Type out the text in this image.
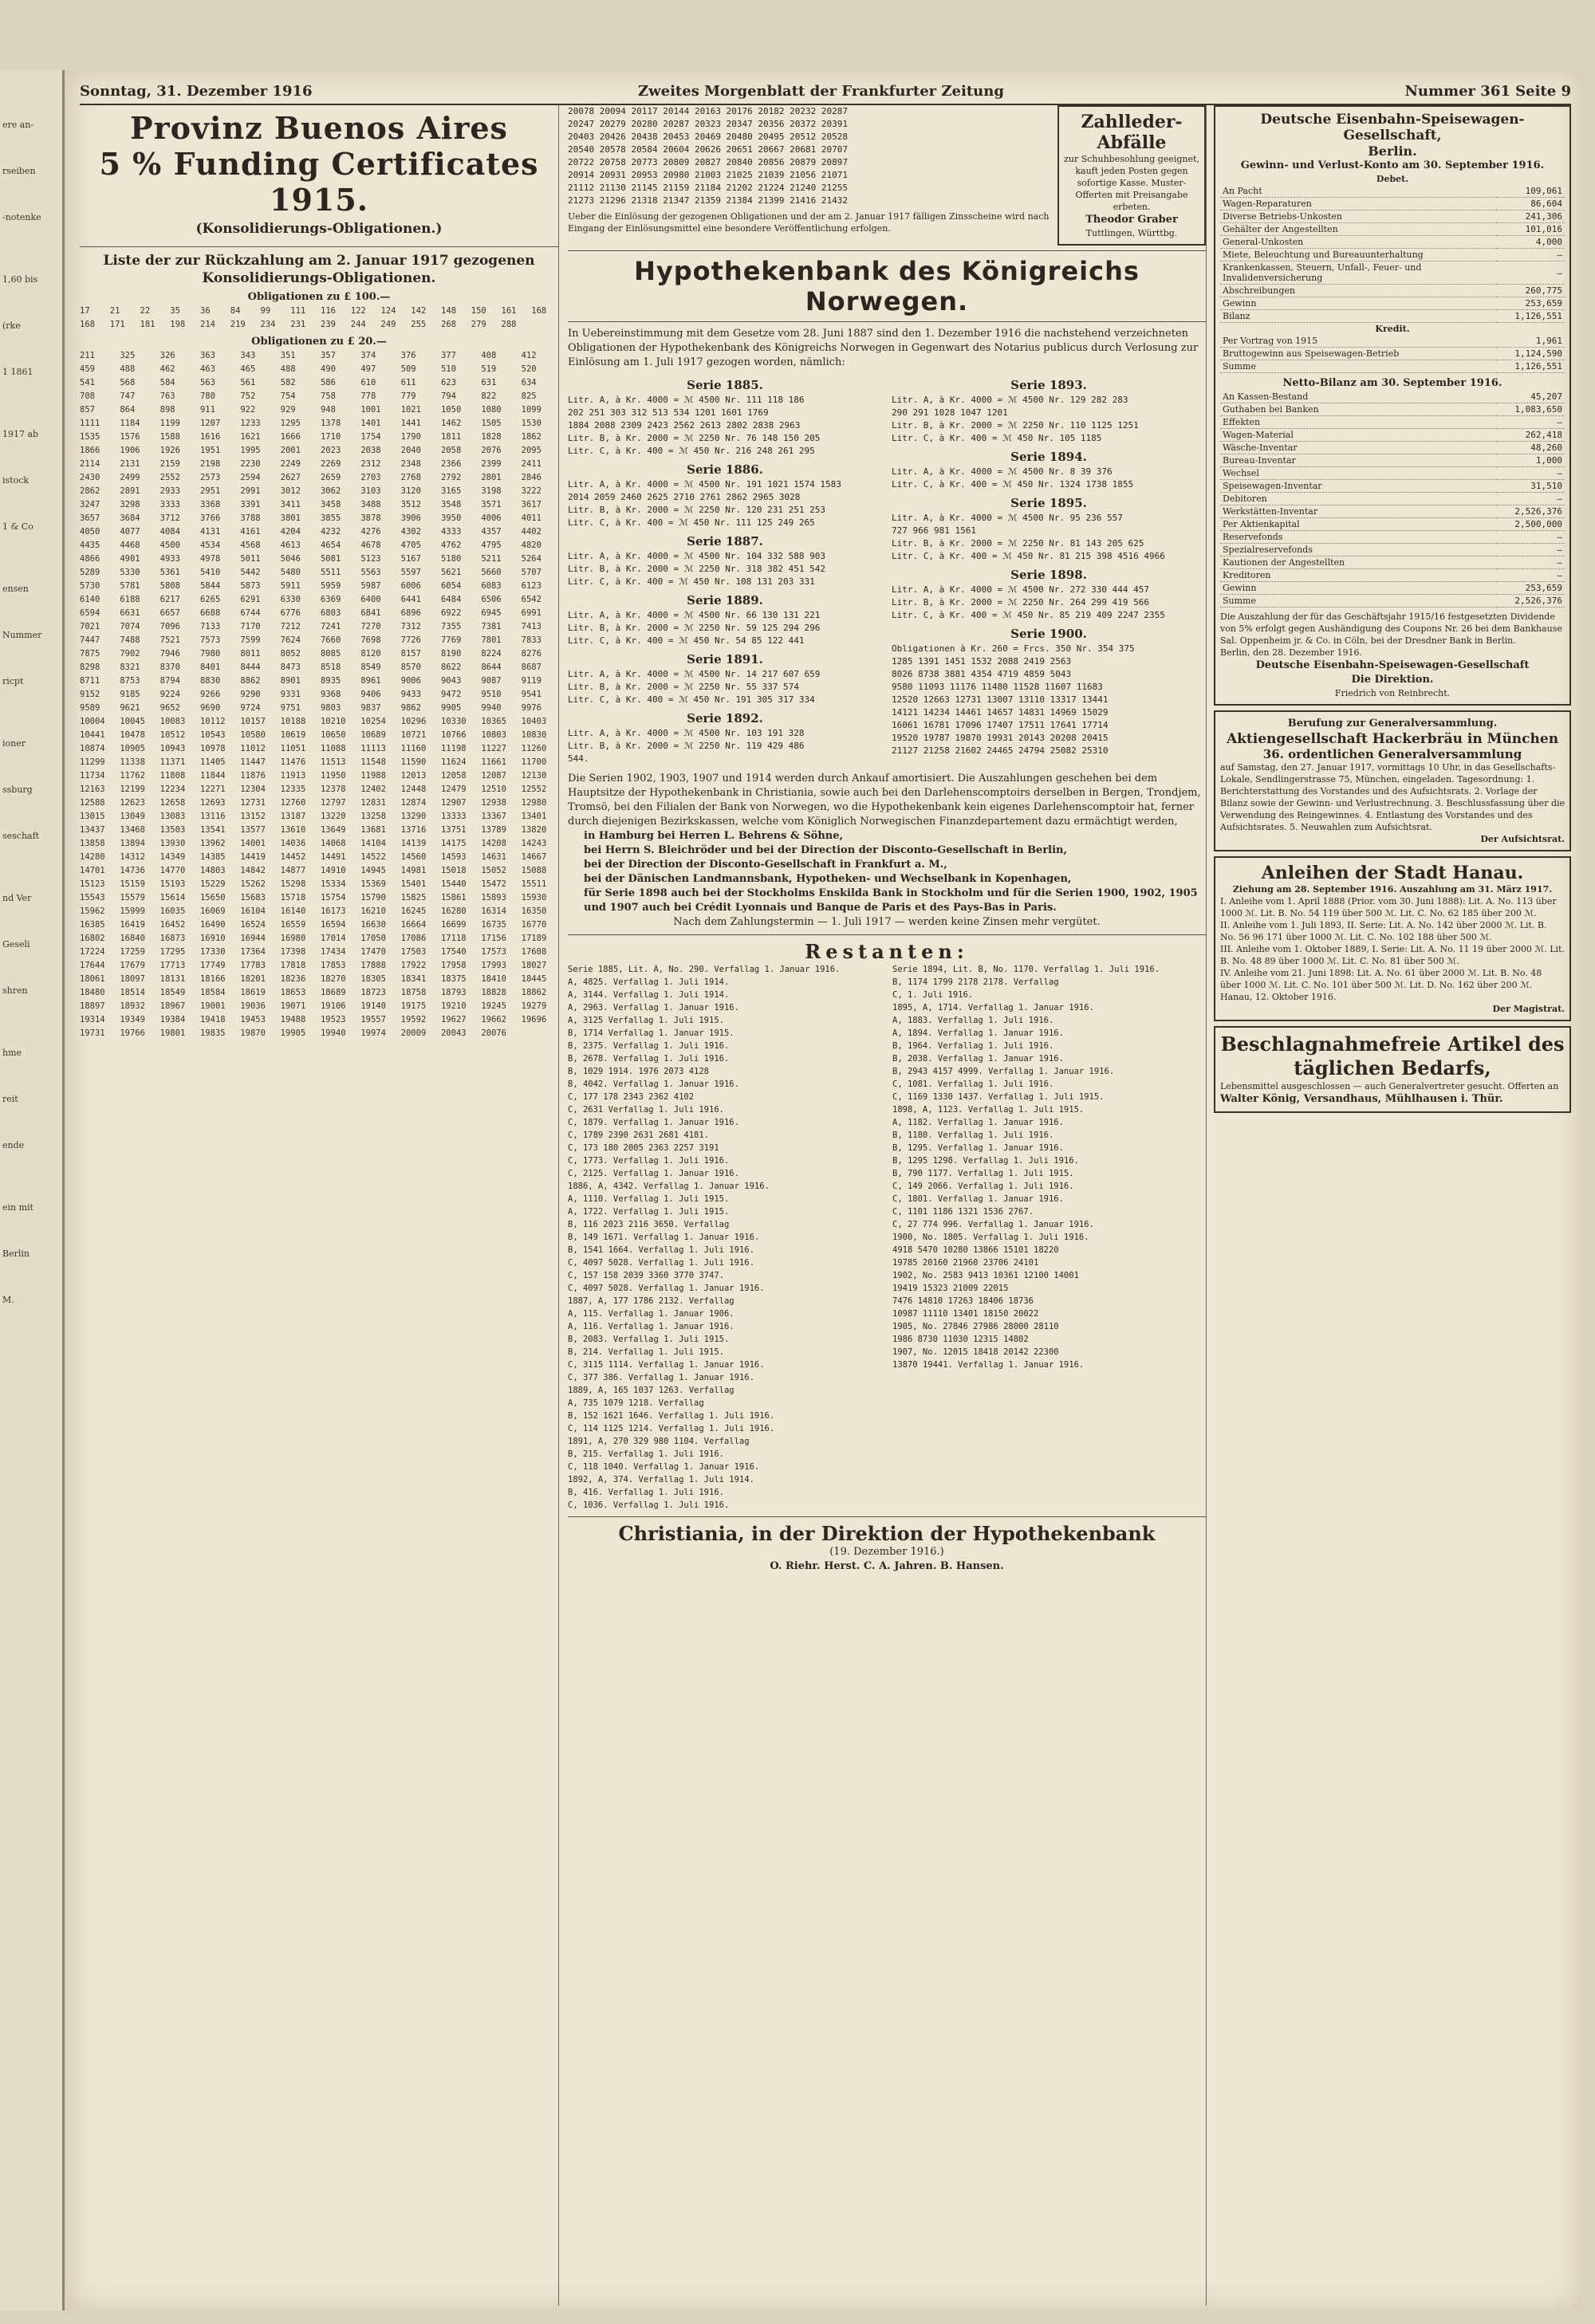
ere an-
rseiben
-notenke
1,60 bis
(rke
1 1861
1917 ab
istock
1 & Co
ensen
Nummer
ricpt
ioner
ssburg
seschaft
nd Ver
Geseli
shren
hme
reit
ende
ein mit
Berlin
M.
Sonntag, 31. Dezember 1916	Zweites Morgenblatt der Frankfurter Zeitung	Nummer 361 Seite 9
Provinz Buenos Aires
5 % Funding Certificates 1915.
(Konsolidierungs-Obligationen.)
Liste der zur Rückzahlung am 2. Januar 1917 gezogenen Konsolidierungs-Obligationen.
Obligationen zu £ 100.—
17	21	22	35	36	84	99	111	116	122	124	142	148	150	161	168
168	171	181	198	214	219	234	231	239	244	249	255	268	279	288
Obligationen zu £ 20.—
211	325	326	363	343	351	357	374	376	377	408	412
459	488	462	463	465	488	490	497	509	510	519	520
541	568	584	563	561	582	586	610	611	623	631	634
708	747	763	780	752	754	758	778	779	794	822	825
857	864	898	911	922	929	948	1001	1021	1050	1080	1099
1111	1184	1199	1207	1233	1295	1378	1401	1441	1462	1505	1530
1535	1576	1588	1616	1621	1666	1710	1754	1790	1811	1828	1862
1866	1906	1926	1951	1995	2001	2023	2038	2040	2058	2076	2095
2114	2131	2159	2198	2230	2249	2269	2312	2348	2366	2399	2411
2430	2499	2552	2573	2594	2627	2659	2703	2768	2792	2801	2846
2862	2891	2933	2951	2991	3012	3062	3103	3120	3165	3198	3222
3247	3298	3333	3368	3391	3411	3458	3488	3512	3548	3571	3617
3657	3684	3712	3766	3788	3801	3855	3878	3906	3950	4006	4011
4050	4077	4084	4131	4161	4204	4232	4276	4302	4333	4357	4402
4435	4468	4500	4534	4568	4613	4654	4678	4705	4762	4795	4820
4866	4901	4933	4978	5011	5046	5081	5123	5167	5180	5211	5264
5289	5330	5361	5410	5442	5480	5511	5563	5597	5621	5660	5707
5730	5781	5808	5844	5873	5911	5959	5987	6006	6054	6083	6123
6140	6188	6217	6265	6291	6330	6369	6400	6441	6484	6506	6542
6594	6631	6657	6688	6744	6776	6803	6841	6896	6922	6945	6991
7021	7074	7096	7133	7170	7212	7241	7270	7312	7355	7381	7413
7447	7488	7521	7573	7599	7624	7660	7698	7726	7769	7801	7833
7875	7902	7946	7980	8011	8052	8085	8120	8157	8190	8224	8276
8298	8321	8370	8401	8444	8473	8518	8549	8570	8622	8644	8687
8711	8753	8794	8830	8862	8901	8935	8961	9006	9043	9087	9119
9152	9185	9224	9266	9290	9331	9368	9406	9433	9472	9510	9541
9589	9621	9652	9690	9724	9751	9803	9837	9862	9905	9940	9976
10004	10045	10083	10112	10157	10188	10210	10254	10296	10330	10365	10403
10441	10478	10512	10543	10580	10619	10650	10689	10721	10766	10803	10830
10874	10905	10943	10978	11012	11051	11088	11113	11160	11198	11227	11260
11299	11338	11371	11405	11447	11476	11513	11548	11590	11624	11661	11700
11734	11762	11808	11844	11876	11913	11950	11988	12013	12058	12087	12130
12163	12199	12234	12271	12304	12335	12378	12402	12448	12479	12510	12552
12588	12623	12658	12693	12731	12760	12797	12831	12874	12907	12938	12980
13015	13049	13083	13116	13152	13187	13220	13258	13290	13333	13367	13401
13437	13468	13503	13541	13577	13610	13649	13681	13716	13751	13789	13820
13858	13894	13930	13962	14001	14036	14068	14104	14139	14175	14208	14243
14280	14312	14349	14385	14419	14452	14491	14522	14560	14593	14631	14667
14701	14736	14770	14803	14842	14877	14910	14945	14981	15018	15052	15088
15123	15159	15193	15229	15262	15298	15334	15369	15401	15440	15472	15511
15543	15579	15614	15650	15683	15718	15754	15790	15825	15861	15893	15930
15962	15999	16035	16069	16104	16140	16173	16210	16245	16280	16314	16350
16385	16419	16452	16490	16524	16559	16594	16630	16664	16699	16735	16770
16802	16840	16873	16910	16944	16980	17014	17050	17086	17118	17156	17189
17224	17259	17295	17330	17364	17398	17434	17470	17503	17540	17573	17608
17644	17679	17713	17749	17783	17818	17853	17888	17922	17958	17993	18027
18061	18097	18131	18166	18201	18236	18270	18305	18341	18375	18410	18445
18480	18514	18549	18584	18619	18653	18689	18723	18758	18793	18828	18862
18897	18932	18967	19001	19036	19071	19106	19140	19175	19210	19245	19279
19314	19349	19384	19418	19453	19488	19523	19557	19592	19627	19662	19696
19731	19766	19801	19835	19870	19905	19940	19974	20009	20043	20076
20078 20094 20117 20144 20163 20176 20182 20232 20287
20247 20279 20280 20287 20323 20347 20356 20372 20391
20403 20426 20438 20453 20469 20480 20495 20512 20528
20540 20578 20584 20604 20626 20651 20667 20681 20707
20722 20758 20773 20809 20827 20840 20856 20879 20897
20914 20931 20953 20980 21003 21025 21039 21056 21071
21112 21130 21145 21159 21184 21202 21224 21240 21255
21273 21296 21318 21347 21359 21384 21399 21416 21432
Ueber die Einlösung der gezogenen Obligationen und der am 2. Januar 1917 fälligen Zinsscheine wird nach Eingang der Einlösungsmittel eine besondere Veröffentlichung erfolgen.
Zahlleder-Abfälle
zur Schuhbesohlung geeignet, kauft jeden Posten gegen sofortige Kasse. Muster-Offerten mit Preisangabe erbeten.
Theodor Graber
Tuttlingen, Württbg.
Hypothekenbank des Königreichs Norwegen.
In Uebereinstimmung mit dem Gesetze vom 28. Juni 1887 sind den 1. Dezember 1916 die nachstehend verzeichneten Obligationen der Hypothekenbank des Königreichs Norwegen in Gegenwart des Notarius publicus durch Verlosung zur Einlösung am 1. Juli 1917 gezogen worden, nämlich:
Serie 1885.
Litr. A, à Kr. 4000 = ℳ 4500 Nr. 111 118 186
202 251 303 312 513 534 1201 1601 1769
1884 2088 2309 2423 2562 2613 2802 2838 2963
Litr. B, à Kr. 2000 = ℳ 2250 Nr. 76 148 150 205
Litr. C, à Kr. 400 = ℳ 450 Nr. 216 248 261 295
Serie 1886.
Litr. A, à Kr. 4000 = ℳ 4500 Nr. 191 1021 1574 1583
2014 2059 2460 2625 2710 2761 2862 2965 3028
Litr. B, à Kr. 2000 = ℳ 2250 Nr. 120 231 251 253
Litr. C, à Kr. 400 = ℳ 450 Nr. 111 125 249 265
Serie 1887.
Litr. A, à Kr. 4000 = ℳ 4500 Nr. 104 332 588 903
Litr. B, à Kr. 2000 = ℳ 2250 Nr. 318 382 451 542
Litr. C, à Kr. 400 = ℳ 450 Nr. 108 131 203 331
Serie 1889.
Litr. A, à Kr. 4000 = ℳ 4500 Nr. 66 130 131 221
Litr. B, à Kr. 2000 = ℳ 2250 Nr. 59 125 294 296
Litr. C, à Kr. 400 = ℳ 450 Nr. 54 85 122 441
Serie 1891.
Litr. A, à Kr. 4000 = ℳ 4500 Nr. 14 217 607 659
Litr. B, à Kr. 2000 = ℳ 2250 Nr. 55 337 574
Litr. C, à Kr. 400 = ℳ 450 Nr. 191 305 317 334
Serie 1892.
Litr. A, à Kr. 4000 = ℳ 4500 Nr. 103 191 328
Litr. B, à Kr. 2000 = ℳ 2250 Nr. 119 429 486
544.
Serie 1893.
Litr. A, à Kr. 4000 = ℳ 4500 Nr. 129 282 283
290 291 1028 1047 1201
Litr. B, à Kr. 2000 = ℳ 2250 Nr. 110 1125 1251
Litr. C, à Kr. 400 = ℳ 450 Nr. 105 1185
Serie 1894.
Litr. A, à Kr. 4000 = ℳ 4500 Nr. 8 39 376
Litr. C, à Kr. 400 = ℳ 450 Nr. 1324 1738 1855
Serie 1895.
Litr. A, à Kr. 4000 = ℳ 4500 Nr. 95 236 557
727 966 981 1561
Litr. B, à Kr. 2000 = ℳ 2250 Nr. 81 143 205 625
Litr. C, à Kr. 400 = ℳ 450 Nr. 81 215 398 4516 4966
Serie 1898.
Litr. A, à Kr. 4000 = ℳ 4500 Nr. 272 330 444 457
Litr. B, à Kr. 2000 = ℳ 2250 Nr. 264 299 419 566
Litr. C, à Kr. 400 = ℳ 450 Nr. 85 219 409 2247 2355
Serie 1900.
Obligationen à Kr. 260 = Frcs. 350 Nr. 354 375
1285 1391 1451 1532 2088 2419 2563
8026 8738 3881 4354 4719 4859 5043
9580 11093 11176 11480 11528 11607 11683
12520 12663 12731 13007 13110 13317 13441
14121 14234 14461 14657 14831 14969 15029
16061 16781 17096 17407 17511 17641 17714
19520 19787 19870 19931 20143 20208 20415
21127 21258 21602 24465 24794 25082 25310
Die Serien 1902, 1903, 1907 und 1914 werden durch Ankauf amortisiert. Die Auszahlungen geschehen bei dem Hauptsitze der Hypothekenbank in Christiania, sowie auch bei den Darlehenscomptoirs derselben in Bergen, Trondjem, Tromsö, bei den Filialen der Bank von Norwegen, wo die Hypothekenbank kein eigenes Darlehenscomptoir hat, ferner durch diejenigen Bezirkskassen, welche vom Königlich Norwegischen Finanzdepartement dazu ermächtigt werden,
in Hamburg bei Herren L. Behrens & Söhne,
bei Herrn S. Bleichröder und bei der Direction der Disconto-Gesellschaft in Berlin,
bei der Direction der Disconto-Gesellschaft in Frankfurt a. M.,
bei der Dänischen Landmannsbank, Hypotheken- und Wechselbank in Kopenhagen,
für Serie 1898 auch bei der Stockholms Enskilda Bank in Stockholm und für die Serien 1900, 1902, 1905 und 1907 auch bei Crédit Lyonnais und Banque de Paris et des Pays-Bas in Paris.
Nach dem Zahlungstermin — 1. Juli 1917 — werden keine Zinsen mehr vergütet.
Restanten:
Serie 1885, Lit. A, No. 290. Verfallag 1. Januar 1916.
A, 4825. Verfallag 1. Juli 1914.
A, 3144. Verfallag 1. Juli 1914.
A, 2963. Verfallag 1. Januar 1916.
A, 3125 Verfallag 1. Juli 1915.
B, 1714 Verfallag 1. Januar 1915.
B, 2375. Verfallag 1. Juli 1916.
B, 2678. Verfallag 1. Juli 1916.
B, 1029 1914. 1976 2073 4128
B, 4042. Verfallag 1. Januar 1916.
C, 177 178 2343 2362 4102
C, 2631 Verfallag 1. Juli 1916.
C, 1879. Verfallag 1. Januar 1916.
C, 1789 2390 2631 2681 4181.
C, 173 180 2005 2363 2257 3191
C, 1773. Verfallag 1. Juli 1916.
C, 2125. Verfallag 1. Januar 1916.
1886, A, 4342. Verfallag 1. Januar 1916.
A, 1110. Verfallag 1. Juli 1915.
A, 1722. Verfallag 1. Juli 1915.
B, 116 2023 2116 3650. Verfallag
B, 149 1671. Verfallag 1. Januar 1916.
B, 1541 1664. Verfallag 1. Juli 1916.
C, 4097 5028. Verfallag 1. Juli 1916.
C, 157 158 2039 3360 3770 3747.
C, 4097 5028. Verfallag 1. Januar 1916.
1887, A, 177 1786 2132. Verfallag
A, 115. Verfallag 1. Januar 1906.
A, 116. Verfallag 1. Januar 1916.
B, 2083. Verfallag 1. Juli 1915.
B, 214. Verfallag 1. Juli 1915.
C, 3115 1114. Verfallag 1. Januar 1916.
C, 377 386. Verfallag 1. Januar 1916.
1889, A, 165 1037 1263. Verfallag
A, 735 1079 1218. Verfallag
B, 152 1621 1646. Verfallag 1. Juli 1916.
C, 114 1125 1214. Verfallag 1. Juli 1916.
1891, A, 270 329 980 1104. Verfallag
B, 215. Verfallag 1. Juli 1916.
C, 118 1040. Verfallag 1. Januar 1916.
1892, A, 374. Verfallag 1. Juli 1914.
B, 416. Verfallag 1. Juli 1916.
C, 1036. Verfallag 1. Juli 1916.
Serie 1894, Lit. B, No. 1170. Verfallag 1. Juli 1916.
B, 1174 1799 2178 2178. Verfallag
C, 1. Juli 1916.
1895, A, 1714. Verfallag 1. Januar 1916.
A, 1883. Verfallag 1. Juli 1916.
A, 1894. Verfallag 1. Januar 1916.
B, 1964. Verfallag 1. Juli 1916.
B, 2038. Verfallag 1. Januar 1916.
B, 2943 4157 4999. Verfallag 1. Januar 1916.
C, 1081. Verfallag 1. Juli 1916.
C, 1169 1330 1437. Verfallag 1. Juli 1915.
1898, A, 1123. Verfallag 1. Juli 1915.
A, 1182. Verfallag 1. Januar 1916.
B, 1180. Verfallag 1. Juli 1916.
B, 1295. Verfallag 1. Januar 1916.
B, 1295 1298. Verfallag 1. Juli 1916.
B, 790 1177. Verfallag 1. Juli 1915.
C, 149 2066. Verfallag 1. Juli 1916.
C, 1801. Verfallag 1. Januar 1916.
C, 1101 1186 1321 1536 2767.
C, 27 774 996. Verfallag 1. Januar 1916.
1900, No. 1805. Verfallag 1. Juli 1916.
4918 5470 10280 13866 15101 18220
19785 20160 21960 23706 24101
1902, No. 2583 9413 10361 12100 14001
19419 15323 21009 22015
7476 14810 17263 18406 18736
10987 11110 13401 18150 20022
1905, No. 27846 27986 28000 28110
1986 8730 11030 12315 14802
1907, No. 12015 18418 20142 22300
13870 19441. Verfallag 1. Januar 1916.
Christiania, in der Direktion der Hypothekenbank
(19. Dezember 1916.)
O. Riehr. Herst. C. A. Jahren. B. Hansen.
Deutsche Eisenbahn-Speisewagen-Gesellschaft,
Berlin.
Gewinn- und Verlust-Konto am 30. September 1916.
Debet.
An Pacht	109,061
Wagen-Reparaturen	86,604
Diverse Betriebs-Unkosten	241,306
Gehälter der Angestellten	101,016
General-Unkosten	4,000
Miete, Beleuchtung und Bureauunterhaltung	—
Krankenkassen, Steuern, Unfall-, Feuer- und Invalidenversicherung	—
Abschreibungen	260,775
Gewinn	253,659
Bilanz	1,126,551
Kredit.
Per Vortrag von 1915	1,961
Bruttogewinn aus Speisewagen-Betrieb	1,124,590
Summe	1,126,551
Netto-Bilanz am 30. September 1916.
An Kassen-Bestand	45,207
Guthaben bei Banken	1,083,650
Effekten	—
Wagen-Material	262,418
Wäsche-Inventar	48,260
Bureau-Inventar	1,000
Wechsel	—
Speisewagen-Inventar	31,510
Debitoren	—
Werkstätten-Inventar	2,526,376
Per Aktienkapital	2,500,000
Reservefonds	—
Spezialreservefonds	—
Kautionen der Angestellten	—
Kreditoren	—
Gewinn	253,659
Summe	2,526,376
Die Auszahlung der für das Geschäftsjahr 1915/16 festgesetzten Dividende von 5% erfolgt gegen Aushändigung des Coupons Nr. 26 bei dem Bankhause Sal. Oppenheim jr. & Co. in Cöln, bei der Dresdner Bank in Berlin.
Berlin, den 28. Dezember 1916.
Deutsche Eisenbahn-Speisewagen-Gesellschaft
Die Direktion.
Friedrich von Reinbrecht.
Berufung zur Generalversammlung.
Aktiengesellschaft Hackerbräu in München
36. ordentlichen Generalversammlung
auf Samstag, den 27. Januar 1917, vormittags 10 Uhr, in das Gesellschafts-Lokale, Sendlingerstrasse 75, München, eingeladen. Tagesordnung: 1. Berichterstattung des Vorstandes und des Aufsichtsrats. 2. Vorlage der Bilanz sowie der Gewinn- und Verlustrechnung. 3. Beschlussfassung über die Verwendung des Reingewinnes. 4. Entlastung des Vorstandes und des Aufsichtsrates. 5. Neuwahlen zum Aufsichtsrat.
Der Aufsichtsrat.
Anleihen der Stadt Hanau.
Ziehung am 28. September 1916. Auszahlung am 31. März 1917.
I. Anleihe vom 1. April 1888 (Prior. vom 30. Juni 1888): Lit. A. No. 113 über 1000 ℳ. Lit. B. No. 54 119 über 500 ℳ. Lit. C. No. 62 185 über 200 ℳ.
II. Anleihe vom 1. Juli 1893, II. Serie: Lit. A. No. 142 über 2000 ℳ. Lit. B. No. 56 96 171 über 1000 ℳ. Lit. C. No. 102 188 über 500 ℳ.
III. Anleihe vom 1. Oktober 1889, I. Serie: Lit. A. No. 11 19 über 2000 ℳ. Lit. B. No. 48 89 über 1000 ℳ. Lit. C. No. 81 über 500 ℳ.
IV. Anleihe vom 21. Juni 1898: Lit. A. No. 61 über 2000 ℳ. Lit. B. No. 48 über 1000 ℳ. Lit. C. No. 101 über 500 ℳ. Lit. D. No. 162 über 200 ℳ.
Hanau, 12. Oktober 1916.
Der Magistrat.
Beschlagnahmefreie Artikel des täglichen Bedarfs,
Lebensmittel ausgeschlossen — auch Generalvertreter gesucht. Offerten an
Walter König, Versandhaus, Mühlhausen i. Thür.
